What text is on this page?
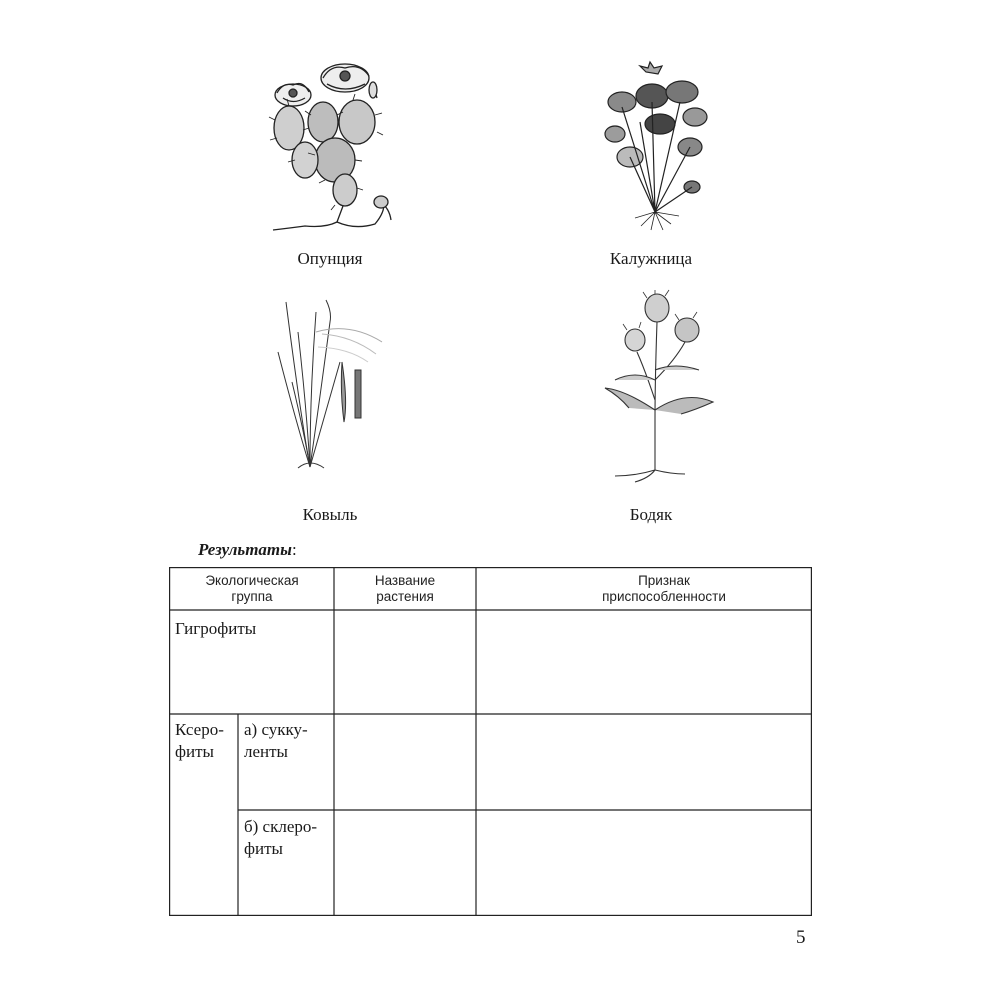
Опунция	Калужница
Ковыль	Бодяк
Результаты:
Экологическая группа
Название растения
Признак приспособленности
Гигрофиты
Ксеро-
фиты
а) сукку-
ленты
б) склеро-
фиты
5
